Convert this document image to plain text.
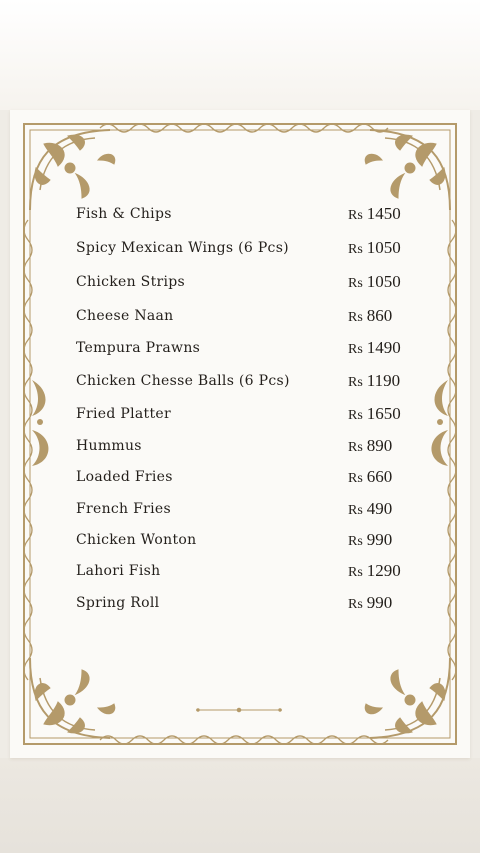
Fish & Chips	Rs 1450
Spicy Mexican Wings (6 Pcs)	Rs 1050
Chicken Strips	Rs 1050
Cheese Naan	Rs 860
Tempura Prawns	Rs 1490
Chicken Chesse Balls (6 Pcs)	Rs 1190
Fried Platter	Rs 1650
Hummus	Rs 890
Loaded Fries	Rs 660
French Fries	Rs 490
Chicken Wonton	Rs 990
Lahori Fish	Rs 1290
Spring Roll	Rs 990
